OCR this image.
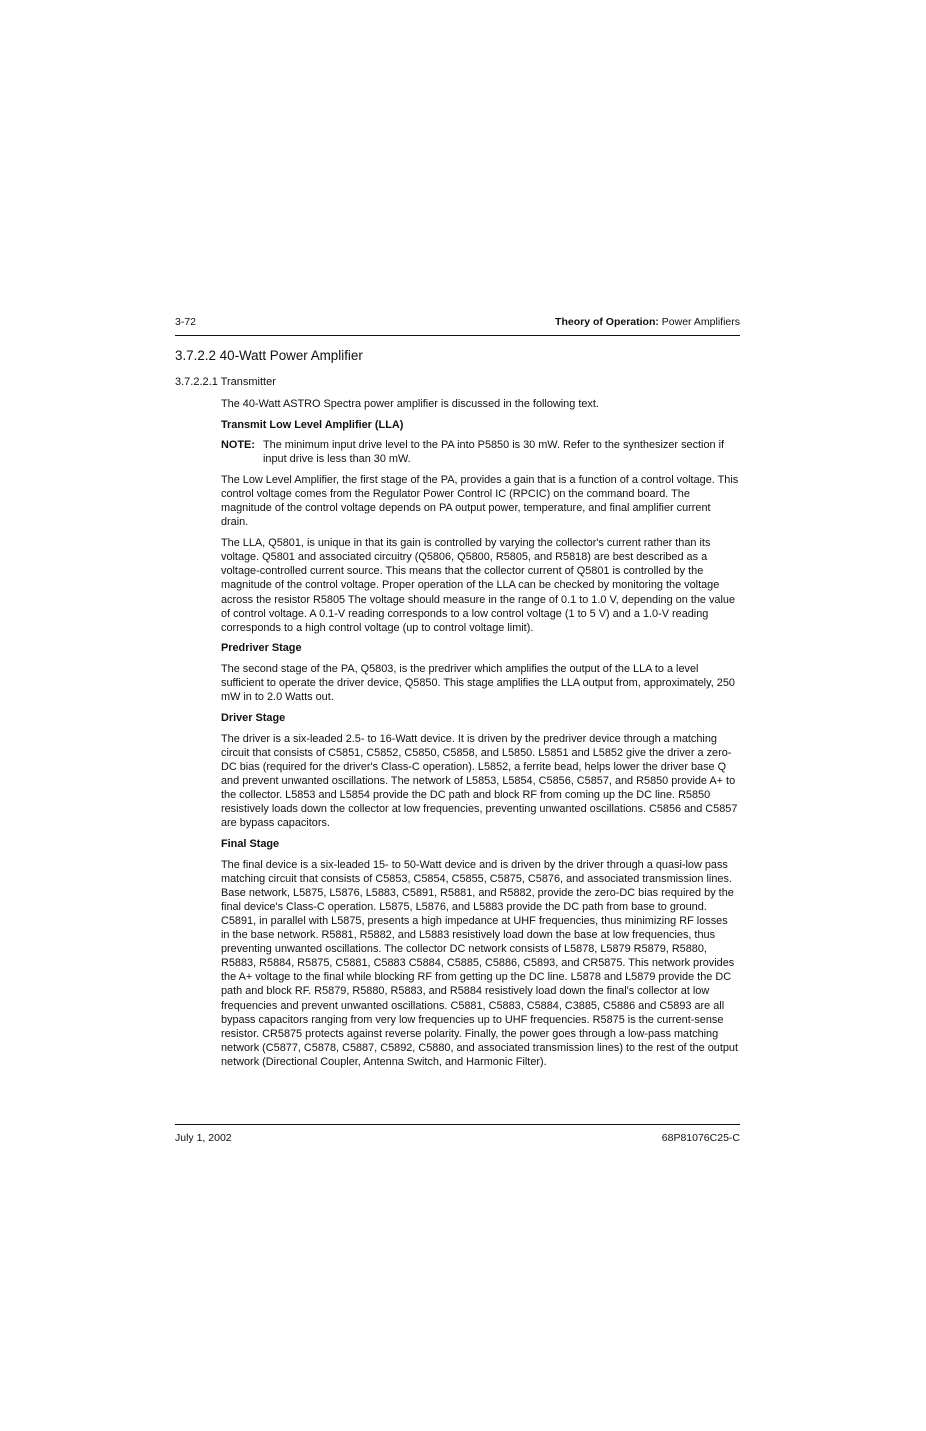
3-72	Theory of Operation: Power Amplifiers
3.7.2.2 40-Watt Power Amplifier
3.7.2.2.1 Transmitter

The 40-Watt ASTRO Spectra power amplifier is discussed in the following text.

Transmit Low Level Amplifier (LLA)
NOTE: The minimum input drive level to the PA into P5850 is 30 mW. Refer to the synthesizer section if input drive is less than 30 mW.

The Low Level Amplifier, the first stage of the PA, provides a gain that is a function of a control voltage. This control voltage comes from the Regulator Power Control IC (RPCIC) on the command board. The magnitude of the control voltage depends on PA output power, temperature, and final amplifier current drain.

The LLA, Q5801, is unique in that its gain is controlled by varying the collector's current rather than its voltage. Q5801 and associated circuitry (Q5806, Q5800, R5805, and R5818) are best described as a voltage-controlled current source. This means that the collector current of Q5801 is controlled by the magnitude of the control voltage. Proper operation of the LLA can be checked by monitoring the voltage across the resistor R5805 The voltage should measure in the range of 0.1 to 1.0 V, depending on the value of control voltage. A 0.1-V reading corresponds to a low control voltage (1 to 5 V) and a 1.0-V reading corresponds to a high control voltage (up to control voltage limit).

Predriver Stage

The second stage of the PA, Q5803, is the predriver which amplifies the output of the LLA to a level sufficient to operate the driver device, Q5850. This stage amplifies the LLA output from, approximately, 250 mW in to 2.0 Watts out.

Driver Stage

The driver is a six-leaded 2.5- to 16-Watt device. It is driven by the predriver device through a matching circuit that consists of C5851, C5852, C5850, C5858, and L5850. L5851 and L5852 give the driver a zero-DC bias (required for the driver's Class-C operation). L5852, a ferrite bead, helps lower the driver base Q and prevent unwanted oscillations. The network of L5853, L5854, C5856, C5857, and R5850 provide A+ to the collector. L5853 and L5854 provide the DC path and block RF from coming up the DC line. R5850 resistively loads down the collector at low frequencies, preventing unwanted oscillations. C5856 and C5857 are bypass capacitors.

Final Stage

The final device is a six-leaded 15- to 50-Watt device and is driven by the driver through a quasi-low pass matching circuit that consists of C5853, C5854, C5855, C5875, C5876, and associated transmission lines. Base network, L5875, L5876, L5883, C5891, R5881, and R5882, provide the zero-DC bias required by the final device's Class-C operation. L5875, L5876, and L5883 provide the DC path from base to ground. C5891, in parallel with L5875, presents a high impedance at UHF frequencies, thus minimizing RF losses in the base network. R5881, R5882, and L5883 resistively load down the base at low frequencies, thus preventing unwanted oscillations. The collector DC network consists of L5878, L5879 R5879, R5880, R5883, R5884, R5875, C5881, C5883 C5884, C5885, C5886, C5893, and CR5875. This network provides the A+ voltage to the final while blocking RF from getting up the DC line. L5878 and L5879 provide the DC path and block RF. R5879, R5880, R5883, and R5884 resistively load down the final's collector at low frequencies and prevent unwanted oscillations. C5881, C5883, C5884, C3885, C5886 and C5893 are all bypass capacitors ranging from very low frequencies up to UHF frequencies. R5875 is the current-sense resistor. CR5875 protects against reverse polarity. Finally, the power goes through a low-pass matching network (C5877, C5878, C5887, C5892, C5880, and associated transmission lines) to the rest of the output network (Directional Coupler, Antenna Switch, and Harmonic Filter).

July 1, 2002	68P81076C25-C
